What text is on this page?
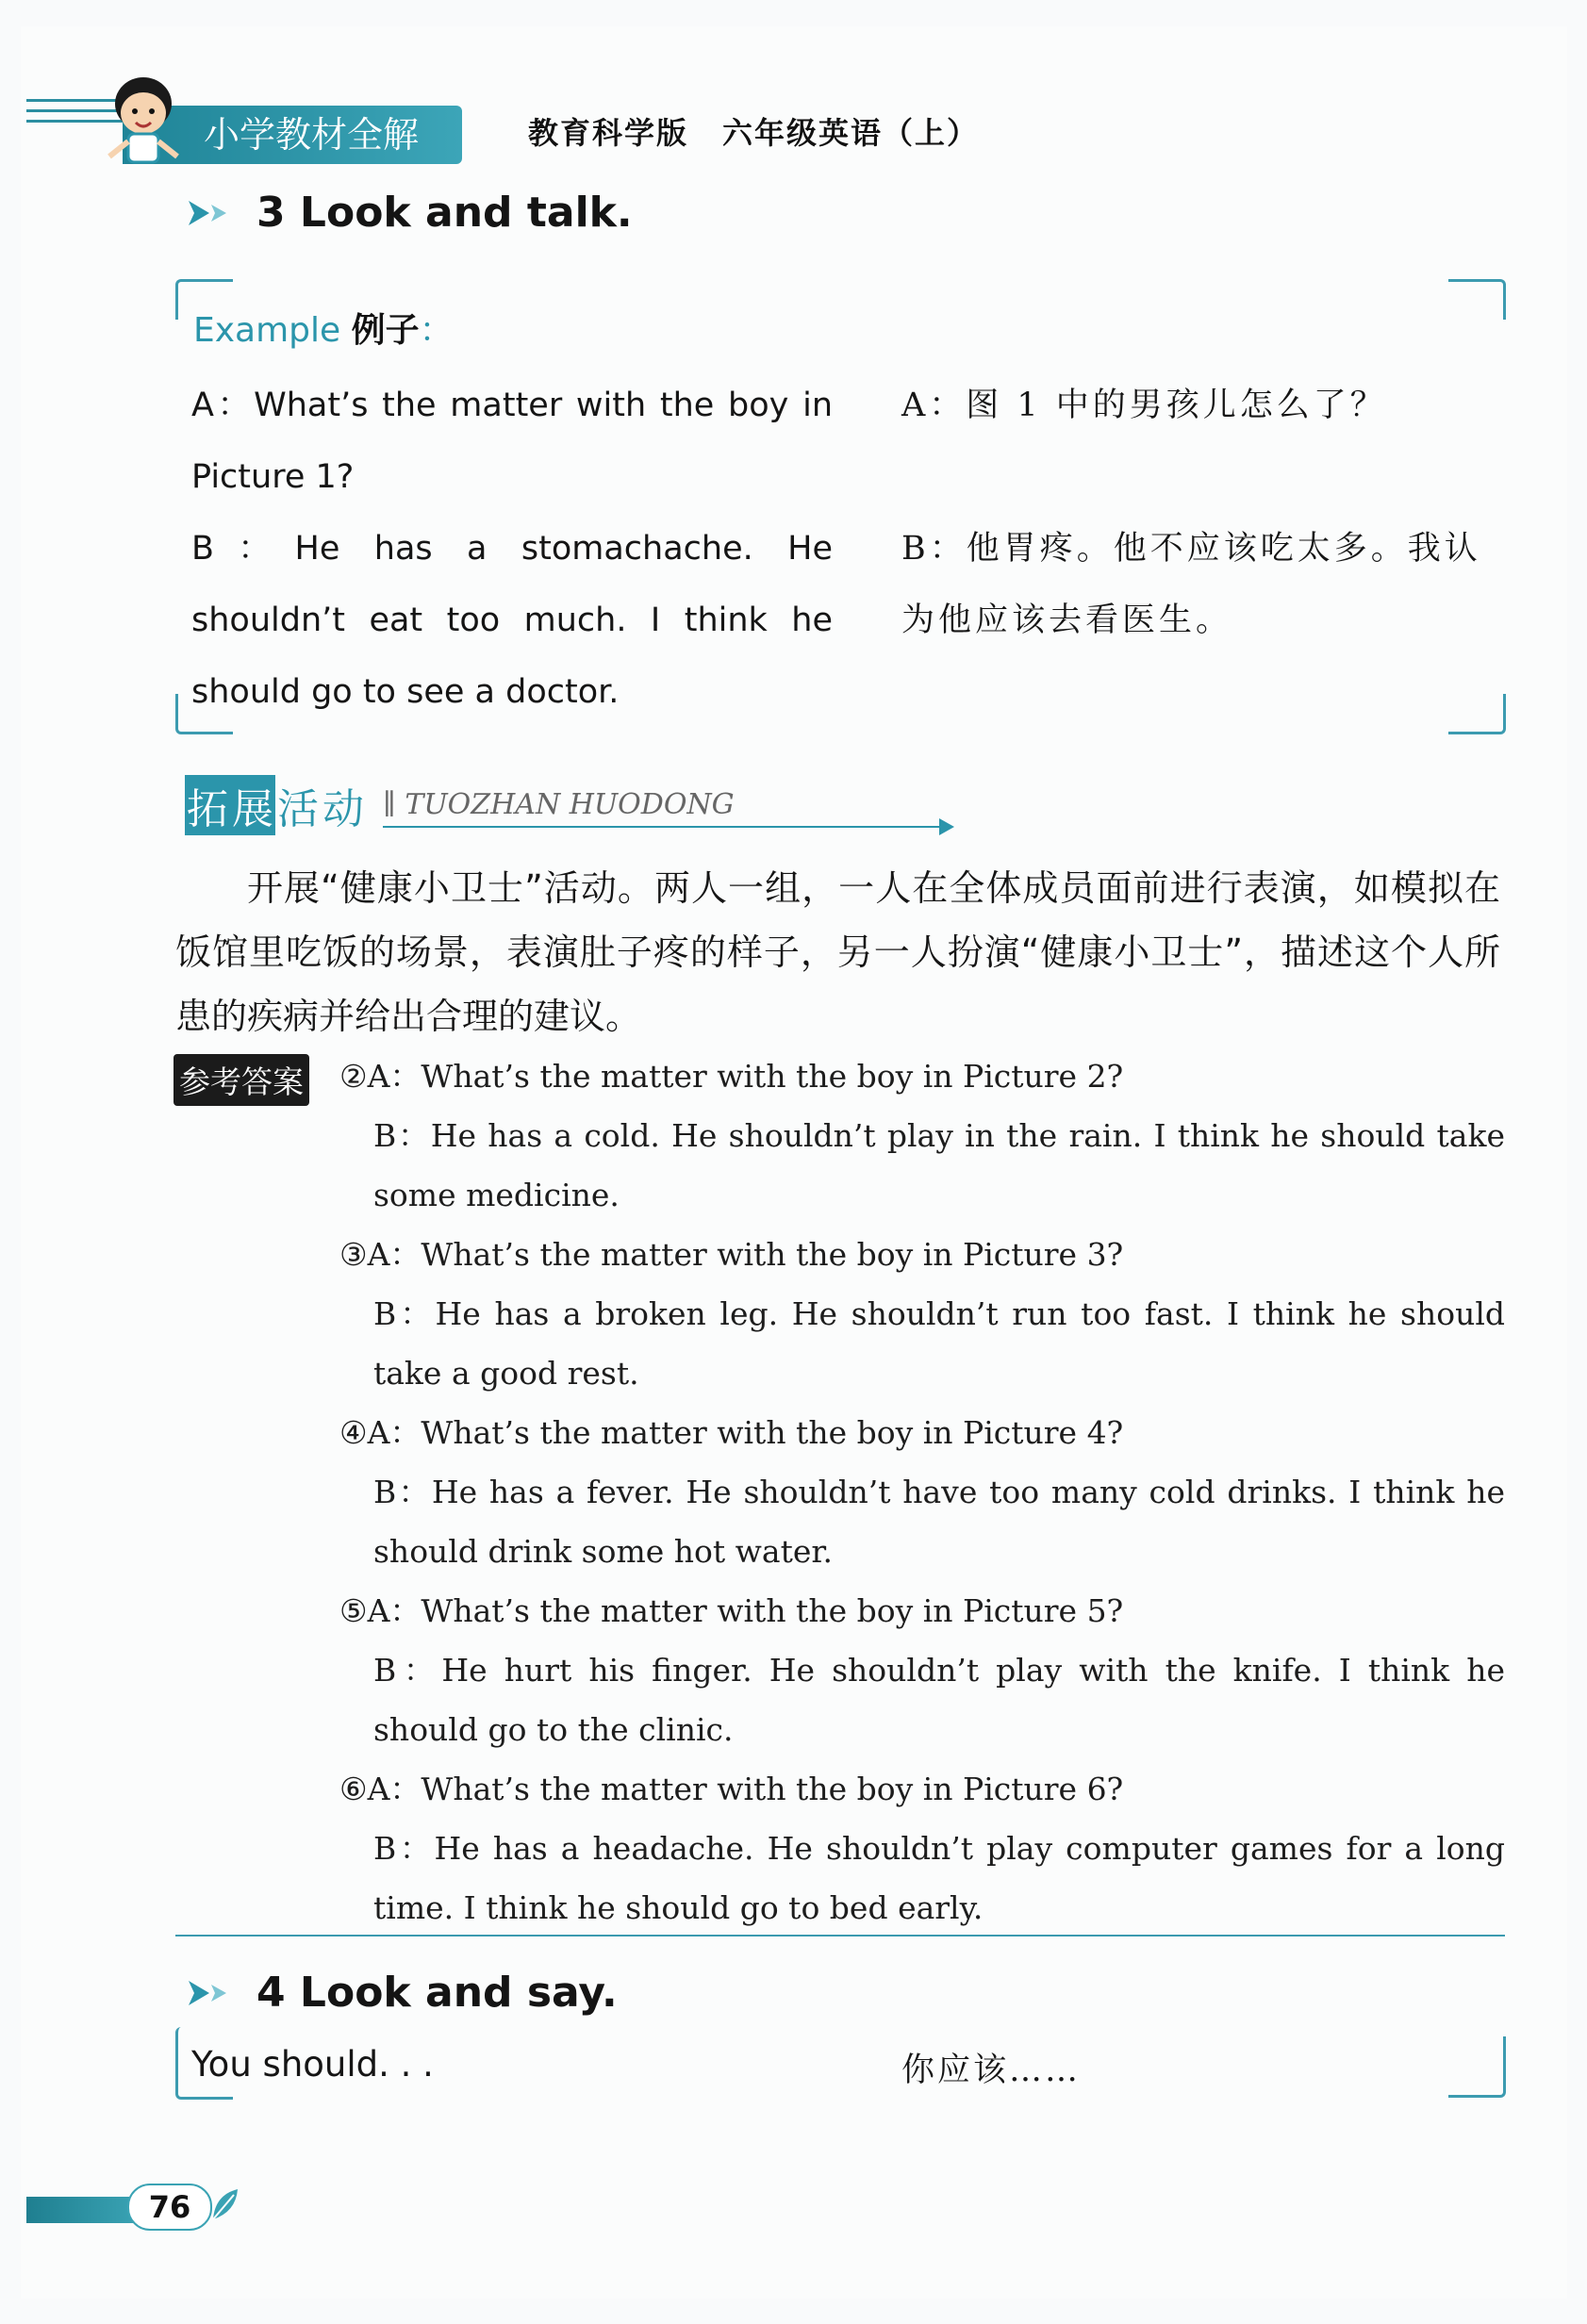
小学教材全解	教育科学版 六年级英语（上）
3 Look and talk.
Example 例子：
A：What’s the matter with the boy in Picture 1?
B：He has a stomachache. He shouldn’t eat too much. I think he should go to see a doctor.
A：图 1 中的男孩儿怎么了？
B：他胃疼。他不应该吃太多。我认为他应该去看医生。
拓展活动 ∥ TUOZHAN HUODONG
开展“健康小卫士”活动。两人一组，一人在全体成员面前进行表演，如模拟在饭馆里吃饭的场景，表演肚子疼的样子，另一人扮演“健康小卫士”，描述这个人所患的疾病并给出合理的建议。
参考答案 ②A：What’s the matter with the boy in Picture 2?
B：He has a cold. He shouldn’t play in the rain. I think he should take some medicine.
③A：What’s the matter with the boy in Picture 3?
B：He has a broken leg. He shouldn’t run too fast. I think he should take a good rest.
④A：What’s the matter with the boy in Picture 4?
B：He has a fever. He shouldn’t have too many cold drinks. I think he should drink some hot water.
⑤A：What’s the matter with the boy in Picture 5?
B：He hurt his finger. He shouldn’t play with the knife. I think he should go to the clinic.
⑥A：What’s the matter with the boy in Picture 6?
B：He has a headache. He shouldn’t play computer games for a long time. I think he should go to bed early.
4 Look and say.
You should. . .	你应该……
76
